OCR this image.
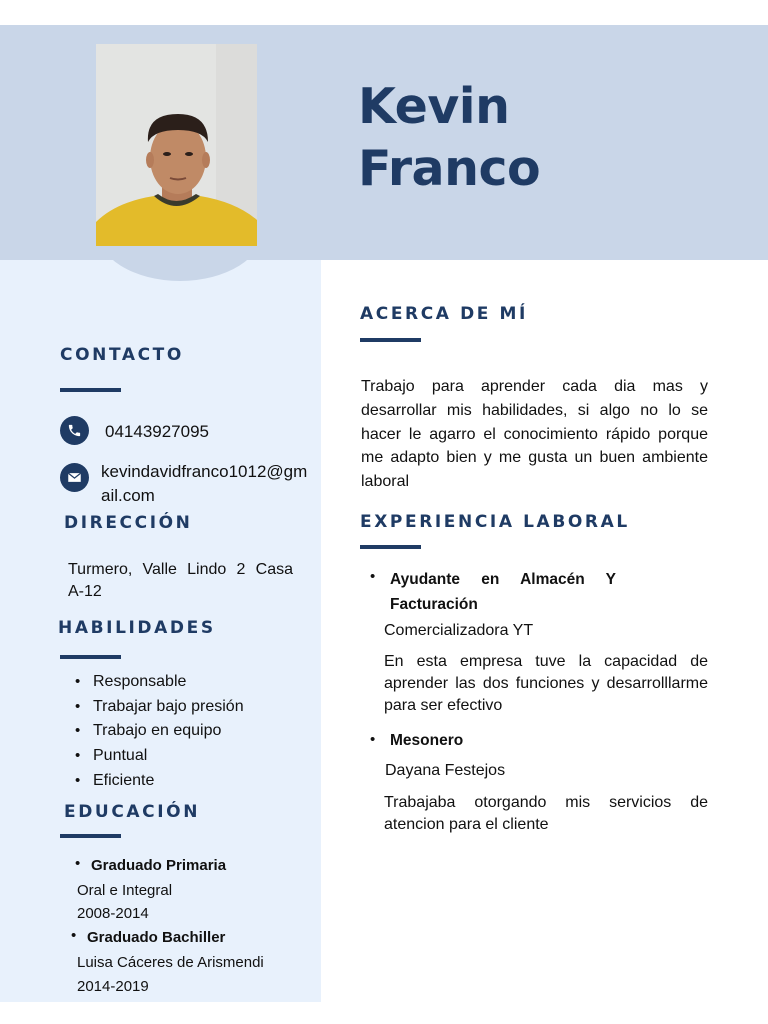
Kevin
Franco
CONTACTO
04143927095
kevindavidfranco1012@gm
ail.com
DIRECCIÓN
Turmero, Valle Lindo 2 Casa
A-12
HABILIDADES
• Responsable
• Trabajar bajo presión
• Trabajo en equipo
• Puntual
• Eficiente
EDUCACIÓN
• Graduado Primaria
Oral e Integral
2008-2014
• Graduado Bachiller
Luisa Cáceres de Arismendi
2014-2019
ACERCA DE MÍ
Trabajo para aprender cada dia mas y
desarrollar mis habilidades, si algo no lo se
hacer le agarro el conocimiento rápido porque
me adapto bien y me gusta un buen ambiente
laboral
EXPERIENCIA LABORAL
• Ayudante en Almacén Y
Facturación
Comercializadora YT
En esta empresa tuve la capacidad de
aprender las dos funciones y desarrolllarme
para ser efectivo
• Mesonero
Dayana Festejos
Trabajaba otorgando mis servicios de
atencion para el cliente
